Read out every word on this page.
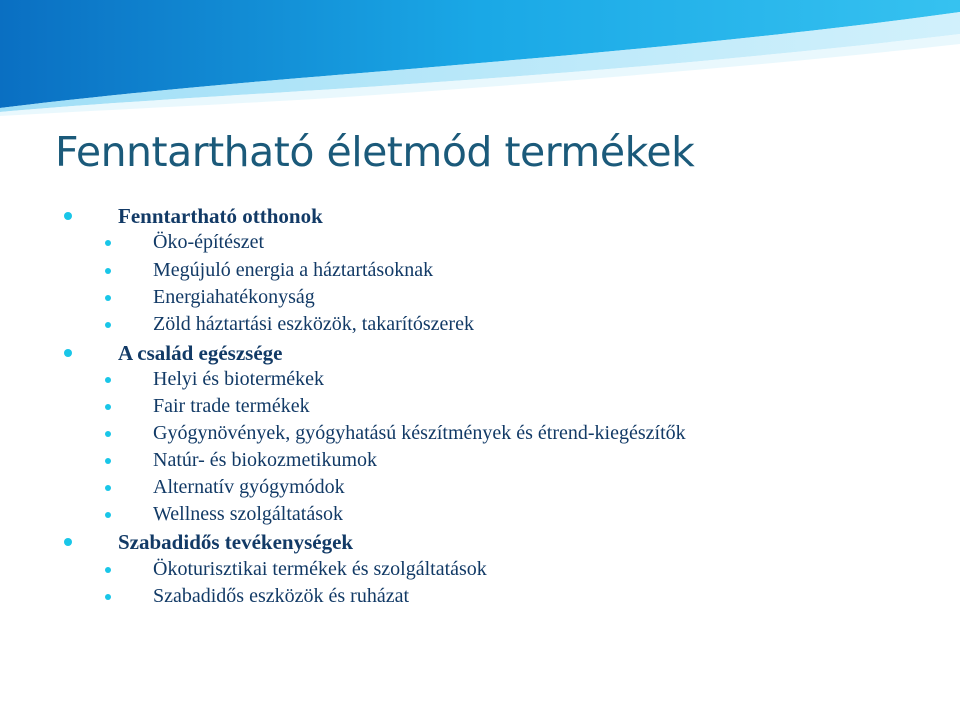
Fenntartható életmód termékek
Fenntartható otthonok
Öko-építészet
Megújuló energia a háztartásoknak
Energiahatékonyság
Zöld háztartási eszközök, takarítószerek
A család egészsége
Helyi és biotermékek
Fair trade termékek
Gyógynövények, gyógyhatású készítmények és étrend-kiegészítők
Natúr- és biokozmetikumok
Alternatív gyógymódok
Wellness szolgáltatások
Szabadidős tevékenységek
Ökoturisztikai termékek és szolgáltatások
Szabadidős eszközök és ruházat
